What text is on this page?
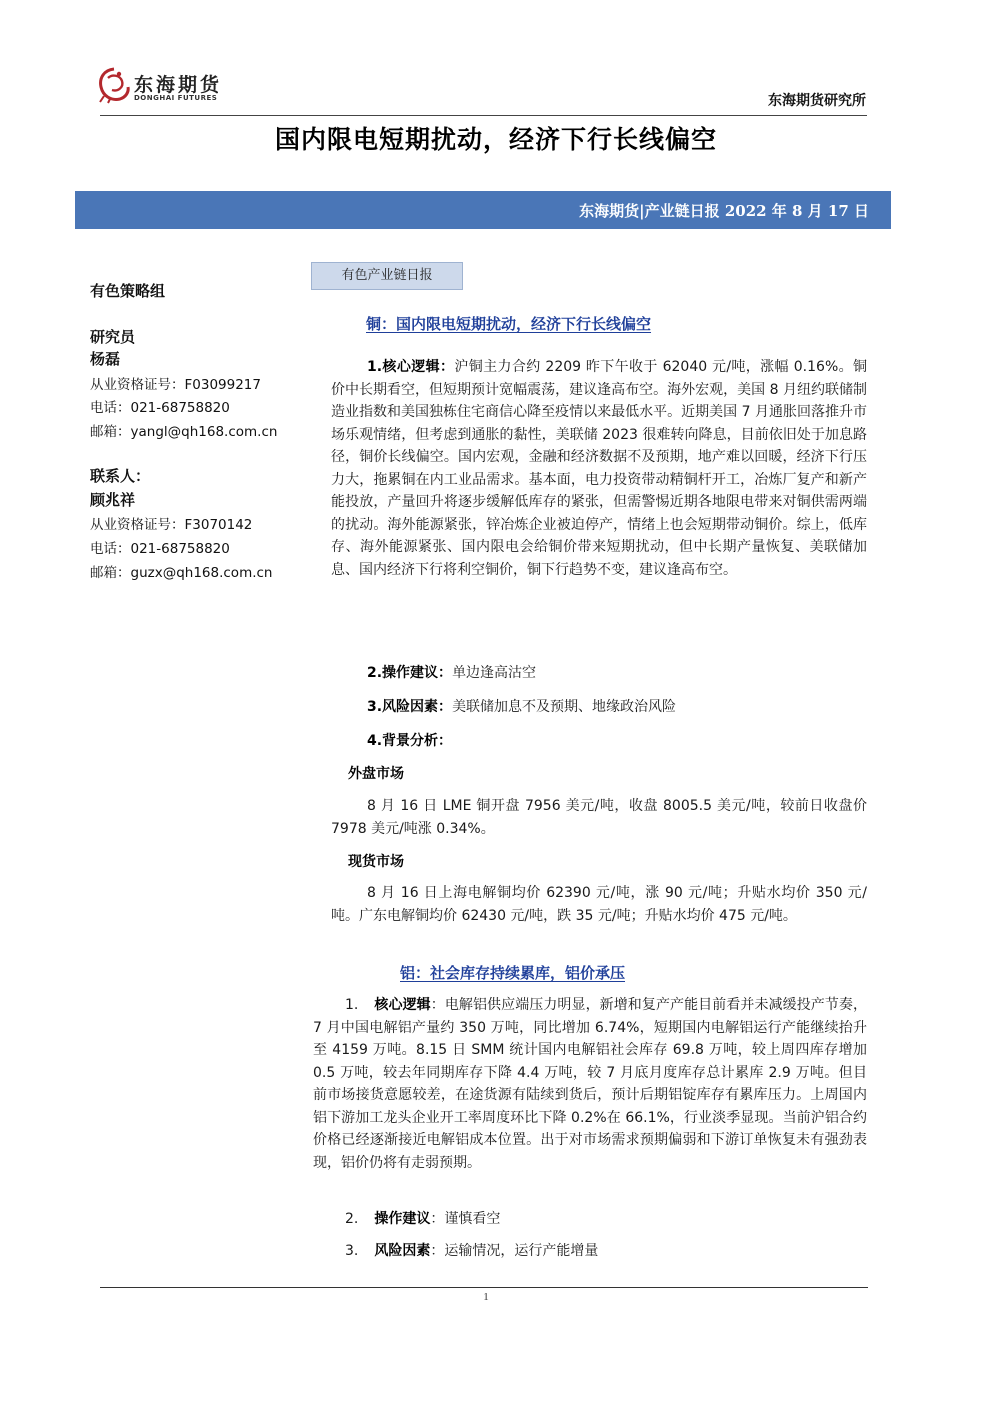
东海期货
DONGHAI FUTURES	东海期货研究所
国内限电短期扰动，经济下行长线偏空
东海期货|产业链日报 2022 年 8 月 17 日
有色产业链日报
有色策略组
研究员
杨磊
从业资格证号：F03099217
电话：021-68758820
邮箱：yangl@qh168.com.cn
联系人：
顾兆祥
从业资格证号：F3070142
电话：021-68758820
邮箱：guzx@qh168.com.cn
铜：国内限电短期扰动，经济下行长线偏空
1.核心逻辑：沪铜主力合约 2209 昨下午收于 62040 元/吨，涨幅 0.16%。铜价中长期看空，但短期预计宽幅震荡，建议逢高布空。海外宏观，美国 8 月纽约联储制造业指数和美国独栋住宅商信心降至疫情以来最低水平。近期美国 7 月通胀回落推升市场乐观情绪，但考虑到通胀的黏性，美联储 2023 很难转向降息，目前依旧处于加息路径，铜价长线偏空。国内宏观，金融和经济数据不及预期，地产难以回暖，经济下行压力大，拖累铜在内工业品需求。基本面，电力投资带动精铜杆开工，冶炼厂复产和新产能投放，产量回升将逐步缓解低库存的紧张，但需警惕近期各地限电带来对铜供需两端的扰动。海外能源紧张，锌冶炼企业被迫停产，情绪上也会短期带动铜价。综上，低库存、海外能源紧张、国内限电会给铜价带来短期扰动，但中长期产量恢复、美联储加息、国内经济下行将利空铜价，铜下行趋势不变，建议逢高布空。
2.操作建议：单边逢高沽空
3.风险因素：美联储加息不及预期、地缘政治风险
4.背景分析：
外盘市场
8 月 16 日 LME 铜开盘 7956 美元/吨，收盘 8005.5 美元/吨，较前日收盘价 7978 美元/吨涨 0.34%。
现货市场
8 月 16 日上海电解铜均价 62390 元/吨，涨 90 元/吨；升贴水均价 350 元/吨。广东电解铜均价 62430 元/吨，跌 35 元/吨；升贴水均价 475 元/吨。
铝：社会库存持续累库，铝价承压
1. 核心逻辑：电解铝供应端压力明显，新增和复产产能目前看并未减缓投产节奏，7 月中国电解铝产量约 350 万吨，同比增加 6.74%，短期国内电解铝运行产能继续抬升至 4159 万吨。8.15 日 SMM 统计国内电解铝社会库存 69.8 万吨，较上周四库存增加 0.5 万吨，较去年同期库存下降 4.4 万吨，较 7 月底月度库存总计累库 2.9 万吨。但目前市场接货意愿较差，在途货源有陆续到货后，预计后期铝锭库存有累库压力。上周国内铝下游加工龙头企业开工率周度环比下降 0.2%在 66.1%，行业淡季显现。当前沪铝合约价格已经逐渐接近电解铝成本位置。出于对市场需求预期偏弱和下游订单恢复未有强劲表现，铝价仍将有走弱预期。
2. 操作建议：谨慎看空
3. 风险因素：运输情况，运行产能增量
1
